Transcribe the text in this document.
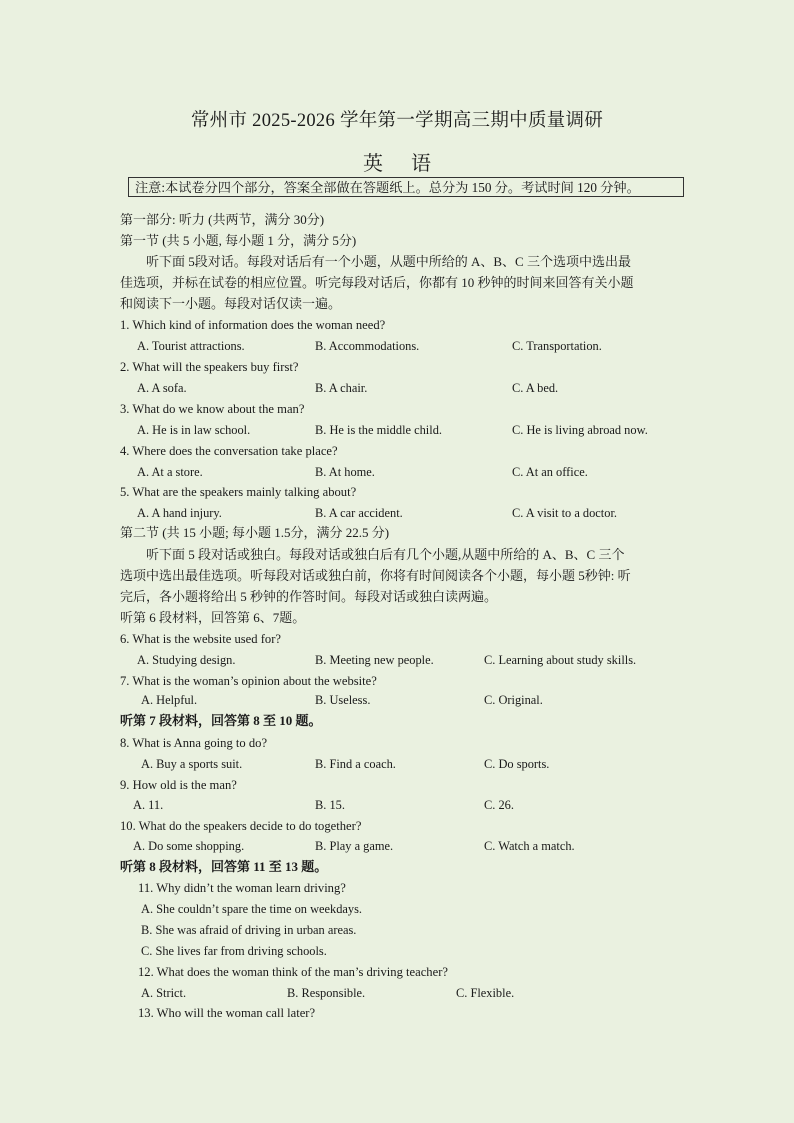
常州市 2025-2026 学年第一学期高三期中质量调研
英 语
注意:本试卷分四个部分，答案全部做在答题纸上。总分为 150 分。考试时间 120 分钟。
第一部分: 听力 (共两节，满分 30分)
第一节 (共 5 小题, 每小题 1 分，满分 5分)
听下面 5段对话。每段对话后有一个小题，从题中所给的 A、B、C 三个选项中选出最
佳选项，并标在试卷的相应位置。听完每段对话后，你都有 10 秒钟的时间来回答有关小题
和阅读下一小题。每段对话仅读一遍。
1. Which kind of information does the woman need?
A. Tourist attractions.	B. Accommodations.	C. Transportation.
2. What will the speakers buy first?
A. A sofa.	B. A chair.	C. A bed.
3. What do we know about the man?
A. He is in law school.	B. He is the middle child.	C. He is living abroad now.
4. Where does the conversation take place?
A. At a store.	B. At home.	C. At an office.
5. What are the speakers mainly talking about?
A. A hand injury.	B. A car accident.	C. A visit to a doctor.
第二节 (共 15 小题; 每小题 1.5分，满分 22.5 分)
听下面 5 段对话或独白。每段对话或独白后有几个小题,从题中所给的 A、B、C 三个
选项中选出最佳选项。听每段对话或独白前，你将有时间阅读各个小题，每小题 5秒钟: 听
完后，各小题将给出 5 秒钟的作答时间。每段对话或独白读两遍。
听第 6 段材料，回答第 6、7题。
6. What is the website used for?
A. Studying design.	B. Meeting new people.	C. Learning about study skills.
7. What is the woman’s opinion about the website?
A. Helpful.	B. Useless.	C. Original.
听第 7 段材料，回答第 8 至 10 题。
8. What is Anna going to do?
A. Buy a sports suit.	B. Find a coach.	C. Do sports.
9. How old is the man?
A. 11.	B. 15.	C. 26.
10. What do the speakers decide to do together?
A. Do some shopping.	B. Play a game.	C. Watch a match.
听第 8 段材料，回答第 11 至 13 题。
11. Why didn’t the woman learn driving?
A. She couldn’t spare the time on weekdays.
B. She was afraid of driving in urban areas.
C. She lives far from driving schools.
12. What does the woman think of the man’s driving teacher?
A. Strict.	B. Responsible.	C. Flexible.
13. Who will the woman call later?
